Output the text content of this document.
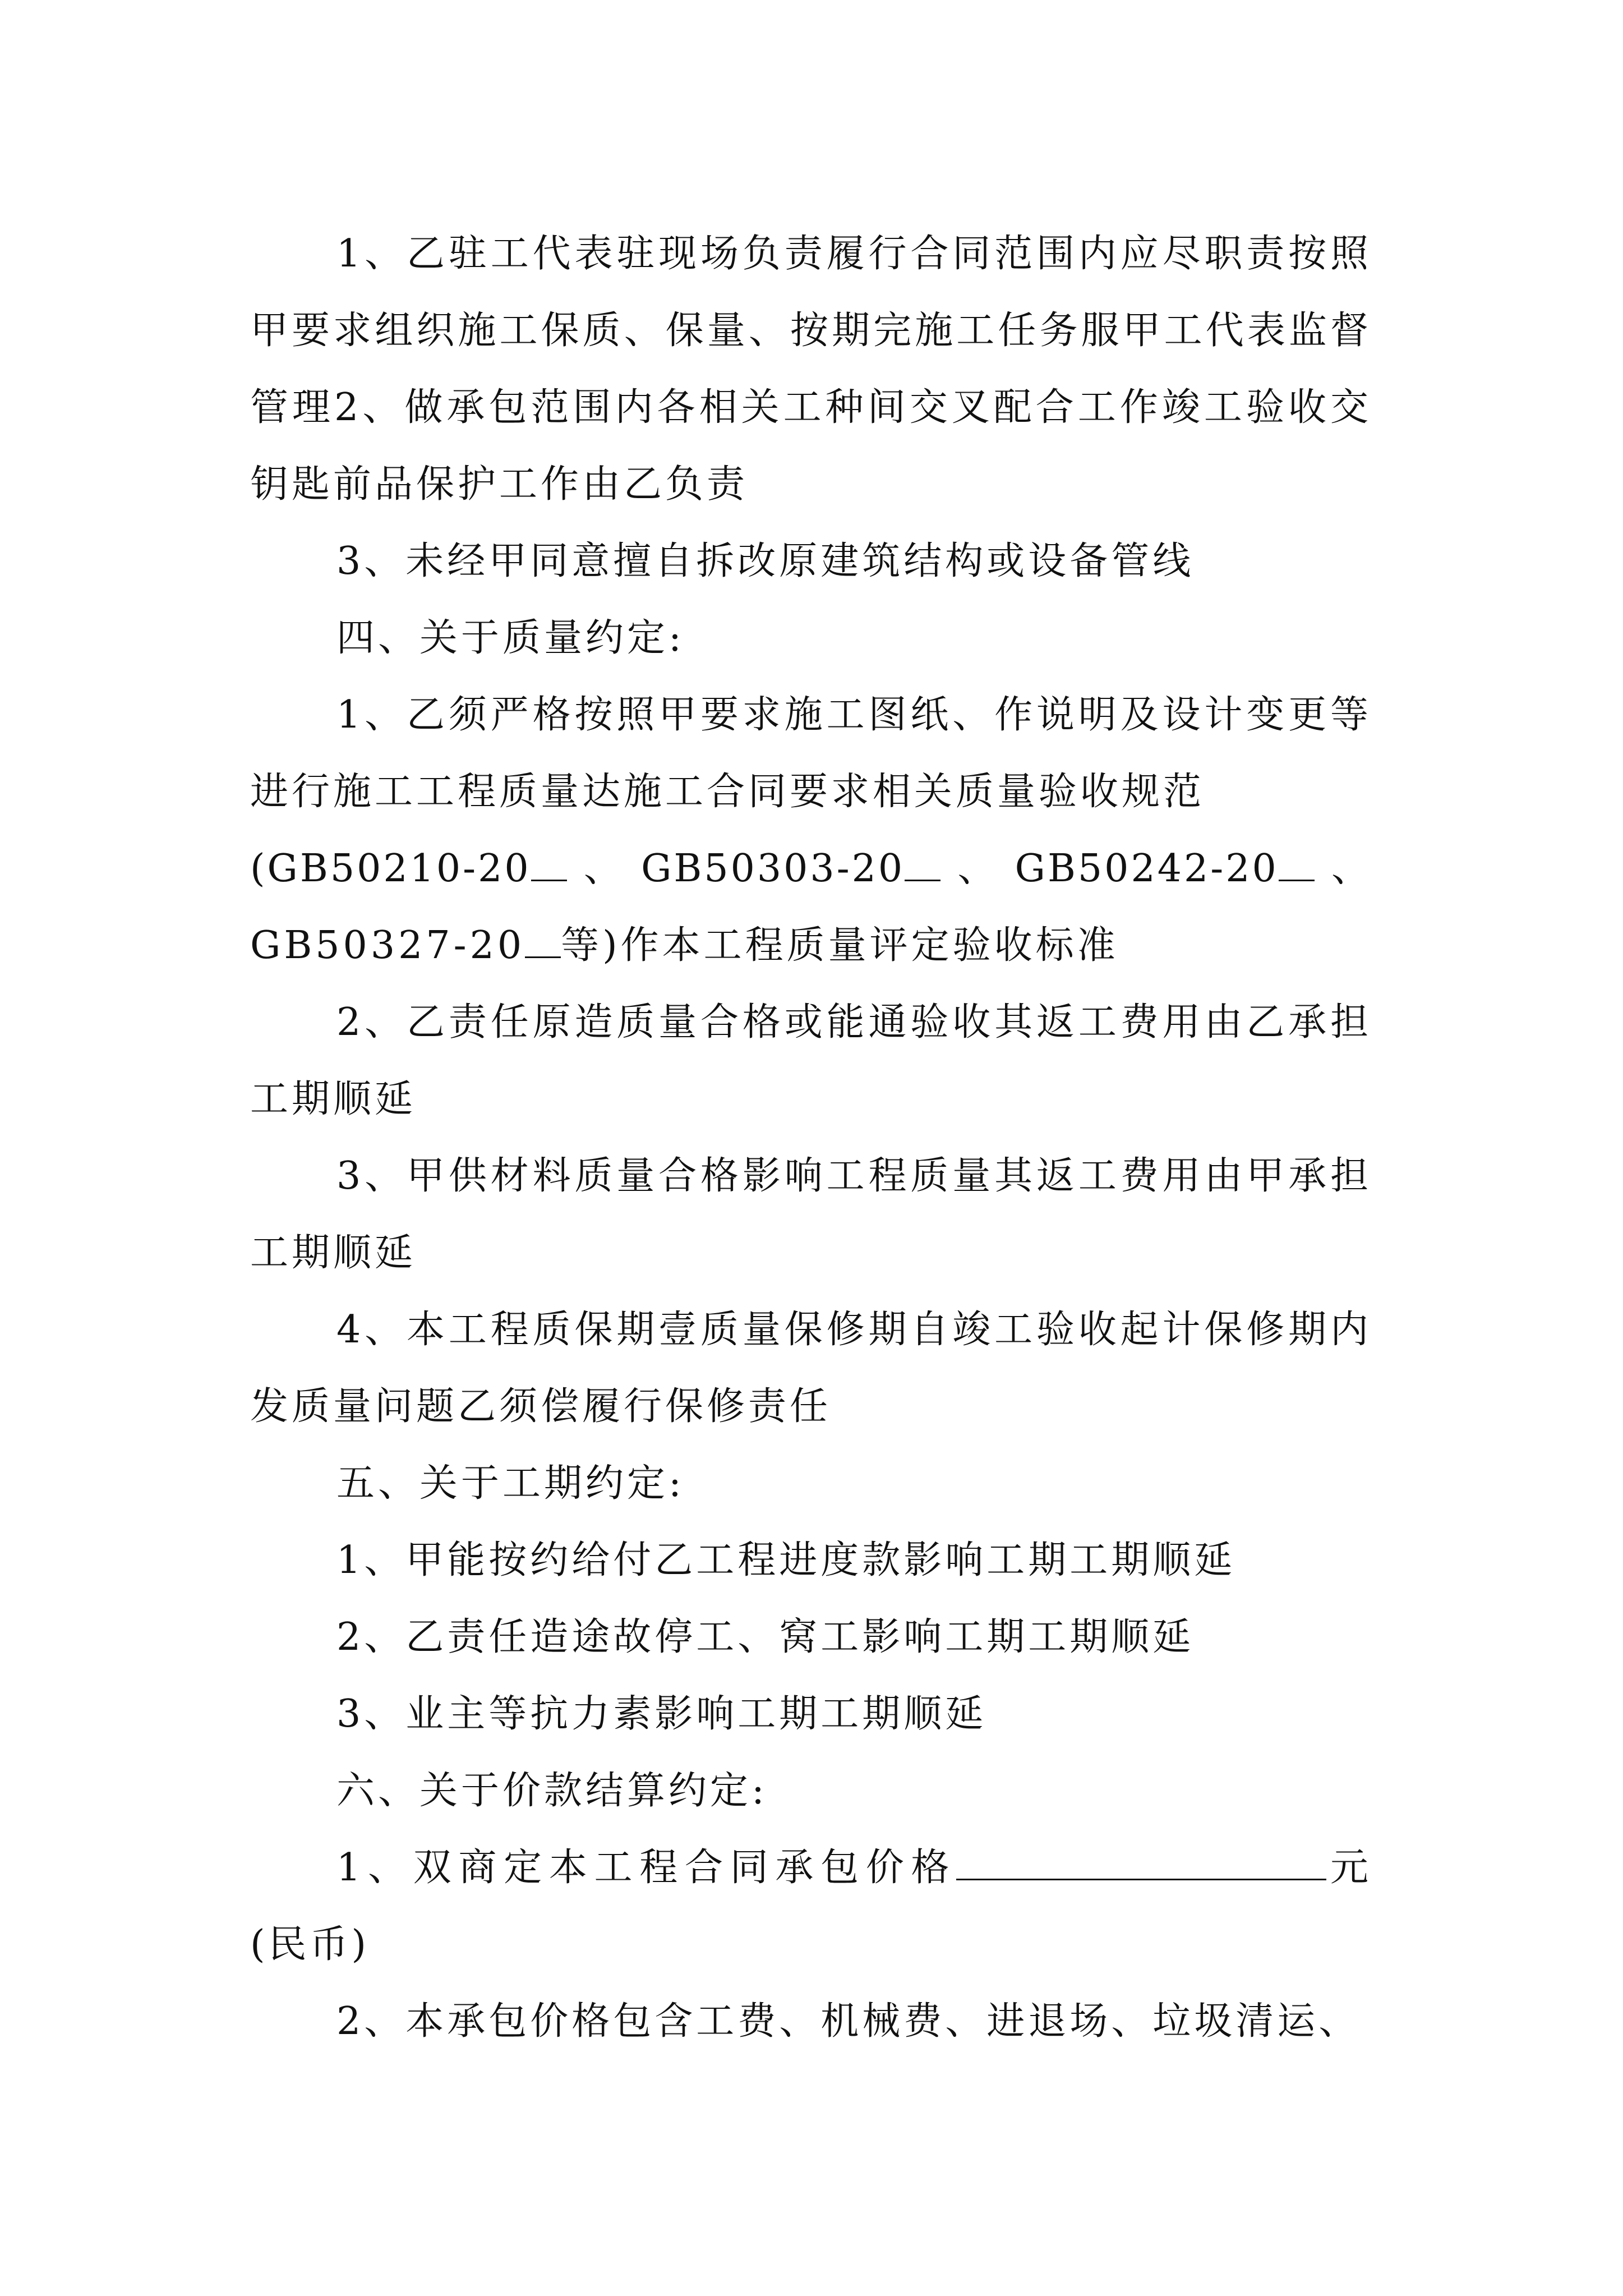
1、乙驻工代表驻现场负责履行合同范围内应尽职责按照甲要求组织施工保质、保量、按期完施工任务服甲工代表监督管理2、做承包范围内各相关工种间交叉配合工作竣工验收交钥匙前品保护工作由乙负责

3、未经甲同意擅自拆改原建筑结构或设备管线

四、关于质量约定:

1、乙须严格按照甲要求施工图纸、作说明及设计变更等进行施工工程质量达施工合同要求相关质量验收规范

(GB50210-20	、 GB50303-20	、 GB50242-20	、

GB50327-20 等)作本工程质量评定验收标准

2、乙责任原造质量合格或能通验收其返工费用由乙承担工期顺延

3、甲供材料质量合格影响工程质量其返工费用由甲承担工期顺延

4、本工程质保期壹质量保修期自竣工验收起计保修期内发质量问题乙须偿履行保修责任

五、关于工期约定:

1、甲能按约给付乙工程进度款影响工期工期顺延

2、乙责任造途故停工、窝工影响工期工期顺延

3、业主等抗力素影响工期工期顺延

六、关于价款结算约定:

1、双商定本工程合同承包价格	元(民币)

2、本承包价格包含工费、机械费、进退场、垃圾清运、
